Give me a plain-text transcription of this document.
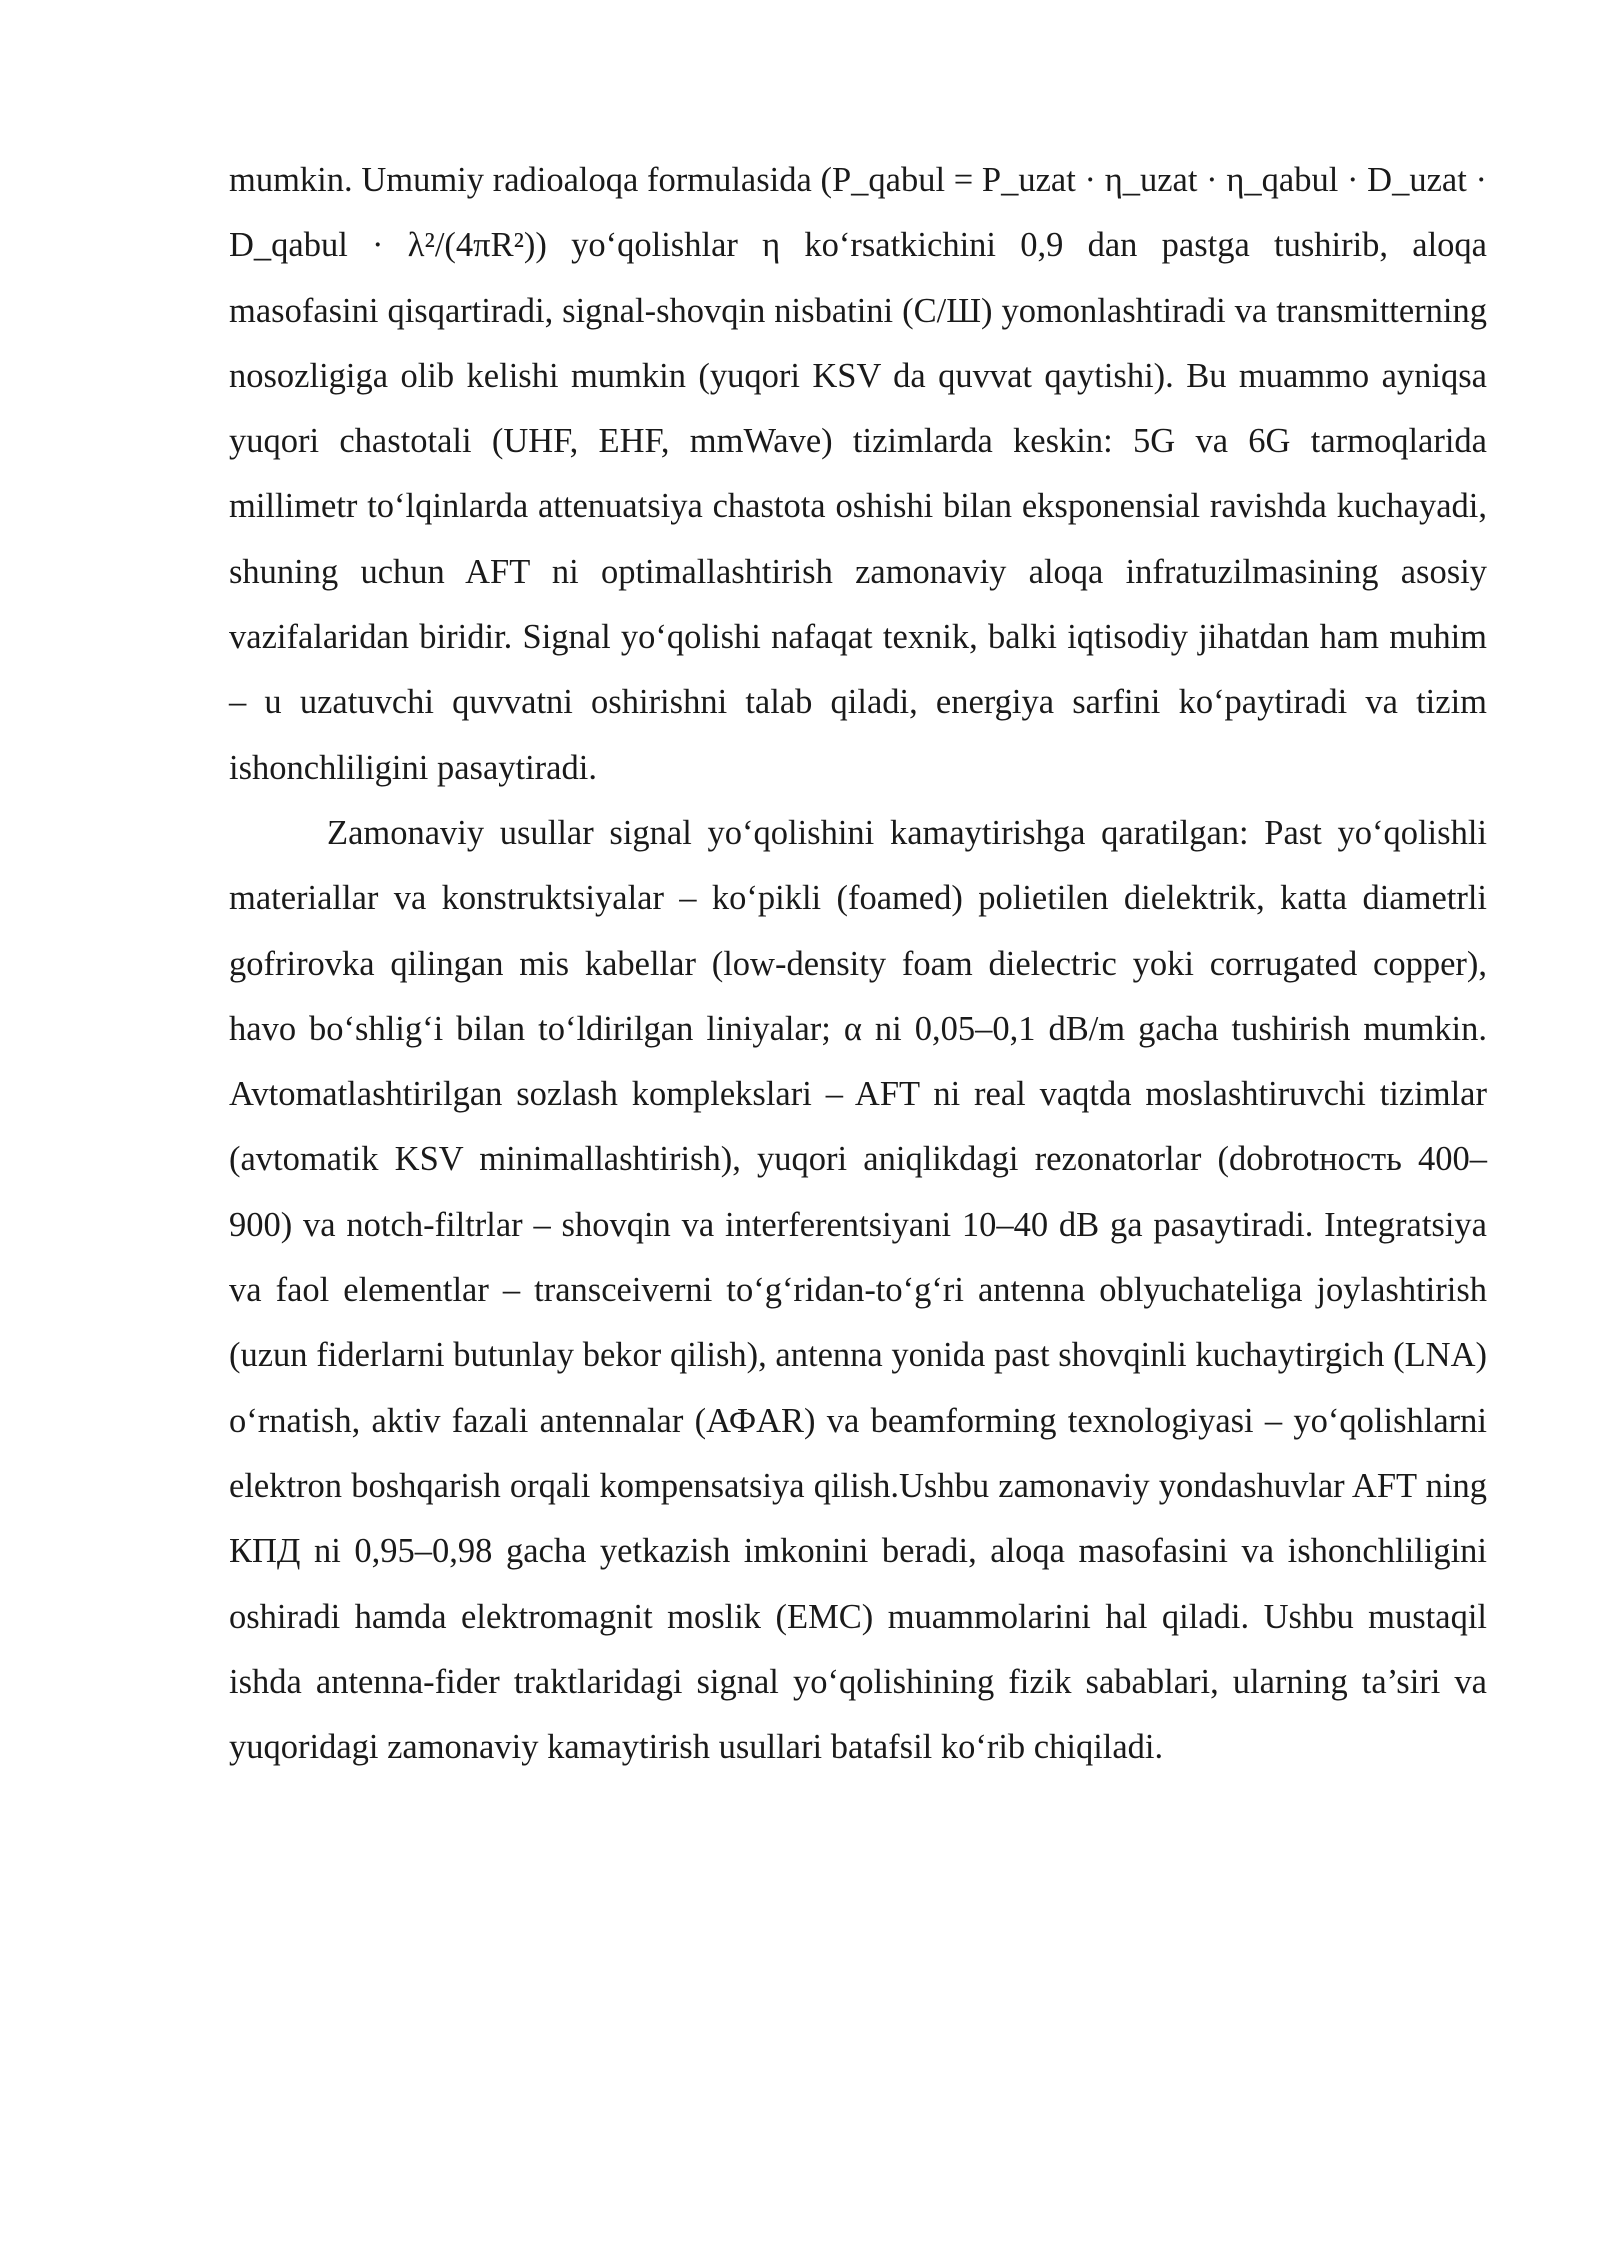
mumkin. Umumiy radioaloqa formulasida (P_qabul = P_uzat · η_uzat · η_qabul · D_uzat · D_qabul · λ²/(4πR²)) yo‘qolishlar η ko‘rsatkichini 0,9 dan pastga tushirib, aloqa masofasini qisqartiradi, signal-shovqin nisbatini (С/Ш) yomonlashtiradi va transmitterning nosozligiga olib kelishi mumkin (yuqori KSV da quvvat qaytishi). Bu muammo ayniqsa yuqori chastotali (UHF, EHF, mmWave) tizimlarda keskin: 5G va 6G tarmoqlarida millimetr to‘lqinlarda attenuatsiya chastota oshishi bilan eksponensial ravishda kuchayadi, shuning uchun AFT ni optimallashtirish zamonaviy aloqa infratuzilmasining asosiy vazifalaridan biridir. Signal yo‘qolishi nafaqat texnik, balki iqtisodiy jihatdan ham muhim – u uzatuvchi quvvatni oshirishni talab qiladi, energiya sarfini ko‘paytiradi va tizim ishonchliligini pasaytiradi.

Zamonaviy usullar signal yo‘qolishini kamaytirishga qaratilgan: Past yo‘qolishli materiallar va konstruktsiyalar – ko‘pikli (foamed) polietilen dielektrik, katta diametrli gofrirovka qilingan mis kabellar (low-density foam dielectric yoki corrugated copper), havo bo‘shlig‘i bilan to‘ldirilgan liniyalar; α ni 0,05–0,1 dB/m gacha tushirish mumkin. Avtomatlashtirilgan sozlash komplekslari – AFT ni real vaqtda moslashtiruvchi tizimlar (avtomatik KSV minimallashtirish), yuqori aniqlikdagi rezonatorlar (dobrotность 400–900) va notch-filtrlar – shovqin va interferentsiyani 10–40 dB ga pasaytiradi. Integratsiya va faol elementlar – transceiverni to‘g‘ridan-to‘g‘ri antenna oblyuchateliga joylashtirish (uzun fiderlarni butunlay bekor qilish), antenna yonida past shovqinli kuchaytirgich (LNA) o‘rnatish, aktiv fazali antennalar (АФAR) va beamforming texnologiyasi – yo‘qolishlarni elektron boshqarish orqali kompensatsiya qilish.Ushbu zamonaviy yondashuvlar AFT ning КПД ni 0,95–0,98 gacha yetkazish imkonini beradi, aloqa masofasini va ishonchliligini oshiradi hamda elektromagnit moslik (EMC) muammolarini hal qiladi. Ushbu mustaqil ishda antenna-fider traktlaridagi signal yo‘qolishining fizik sabablari, ularning ta’siri va yuqoridagi zamonaviy kamaytirish usullari batafsil ko‘rib chiqiladi.
